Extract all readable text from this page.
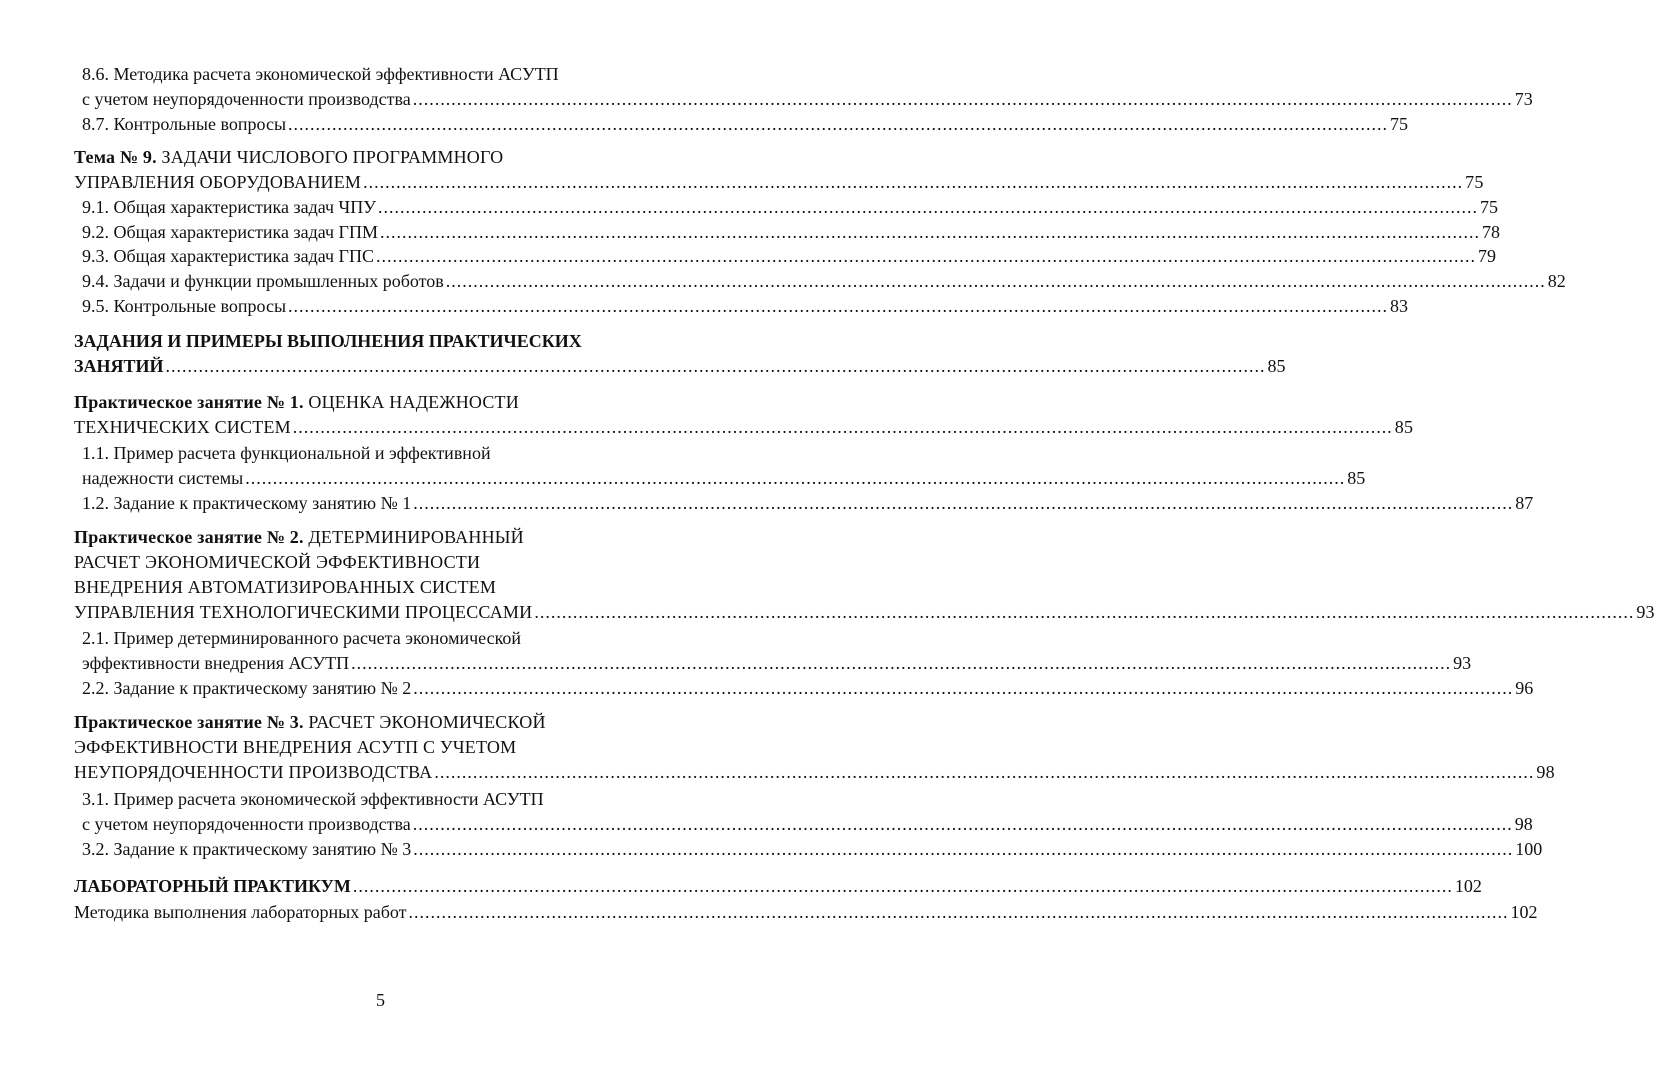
8.6. Методика расчета экономической эффективности АСУТП
с учетом неупорядоченности производства ........................................................................................................................................................................................................ 73
8.7. Контрольные вопросы ........................................................................................................................................................................................................ 75
Тема № 9. ЗАДАЧИ ЧИСЛОВОГО ПРОГРАММНОГО
УПРАВЛЕНИЯ ОБОРУДОВАНИЕМ ........................................................................................................................................................................................................ 75
9.1. Общая характеристика задач ЧПУ ........................................................................................................................................................................................................ 75
9.2. Общая характеристика задач ГПМ ........................................................................................................................................................................................................ 78
9.3. Общая характеристика задач ГПС ........................................................................................................................................................................................................ 79
9.4. Задачи и функции промышленных роботов ........................................................................................................................................................................................................ 82
9.5. Контрольные вопросы ........................................................................................................................................................................................................ 83
ЗАДАНИЯ И ПРИМЕРЫ ВЫПОЛНЕНИЯ ПРАКТИЧЕСКИХ
ЗАНЯТИЙ ........................................................................................................................................................................................................ 85
Практическое занятие № 1. ОЦЕНКА НАДЕЖНОСТИ
ТЕХНИЧЕСКИХ СИСТЕМ ........................................................................................................................................................................................................ 85
1.1. Пример расчета функциональной и эффективной
надежности системы ........................................................................................................................................................................................................ 85
1.2. Задание к практическому занятию № 1 ........................................................................................................................................................................................................ 87
Практическое занятие № 2. ДЕТЕРМИНИРОВАННЫЙ
РАСЧЕТ ЭКОНОМИЧЕСКОЙ ЭФФЕКТИВНОСТИ
ВНЕДРЕНИЯ АВТОМАТИЗИРОВАННЫХ СИСТЕМ
УПРАВЛЕНИЯ ТЕХНОЛОГИЧЕСКИМИ ПРОЦЕССАМИ ........................................................................................................................................................................................................ 93
2.1. Пример детерминированного расчета экономической
эффективности внедрения АСУТП ........................................................................................................................................................................................................ 93
2.2. Задание к практическому занятию № 2 ........................................................................................................................................................................................................ 96
Практическое занятие № 3. РАСЧЕТ ЭКОНОМИЧЕСКОЙ
ЭФФЕКТИВНОСТИ ВНЕДРЕНИЯ АСУТП С УЧЕТОМ
НЕУПОРЯДОЧЕННОСТИ ПРОИЗВОДСТВА ........................................................................................................................................................................................................ 98
3.1. Пример расчета экономической эффективности АСУТП
с учетом неупорядоченности производства ........................................................................................................................................................................................................ 98
3.2. Задание к практическому занятию № 3 ........................................................................................................................................................................................................ 100
ЛАБОРАТОРНЫЙ ПРАКТИКУМ ........................................................................................................................................................................................................ 102
Методика выполнения лабораторных работ ........................................................................................................................................................................................................ 102
5
